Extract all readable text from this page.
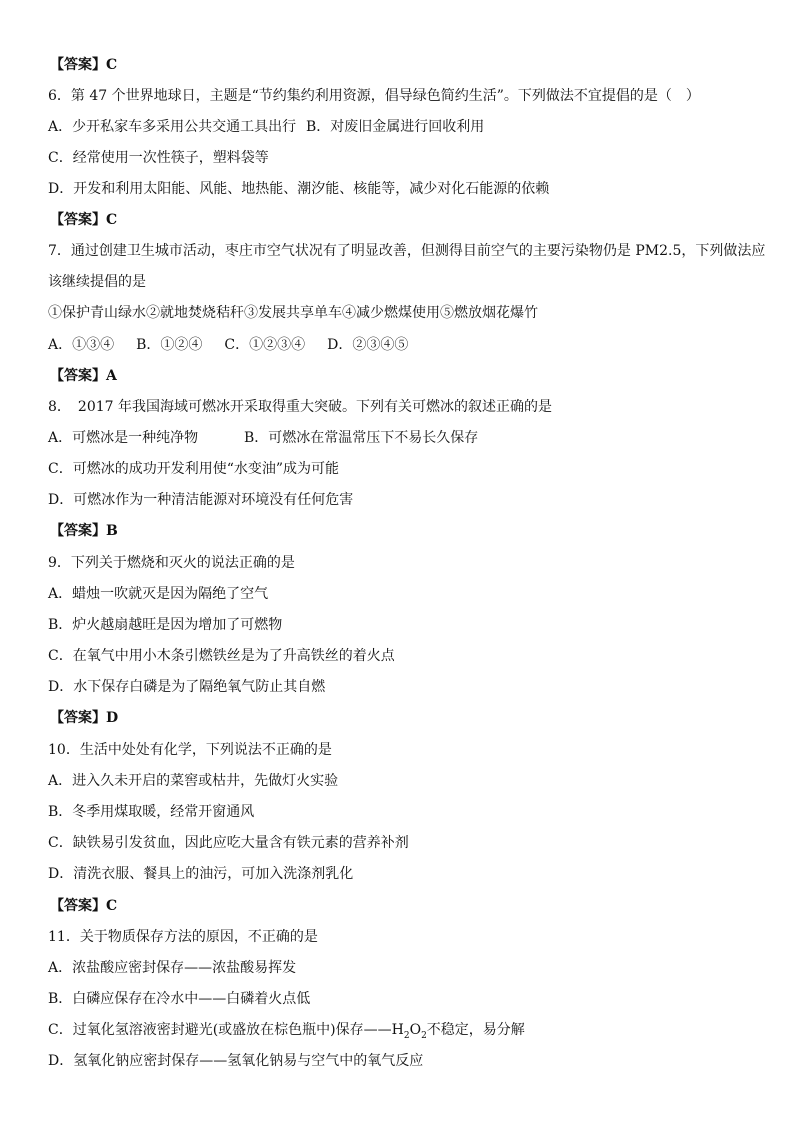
【答案】C
6．第 47 个世界地球日，主题是“节约集约利用资源，倡导绿色简约生活”。下列做法不宜提倡的是（　）
A．少开私家车多采用公共交通工具出行 B．对废旧金属进行回收利用
C．经常使用一次性筷子，塑料袋等
D．开发和利用太阳能、风能、地热能、潮汐能、核能等，减少对化石能源的依赖
【答案】C
7．通过创建卫生城市活动，枣庄市空气状况有了明显改善，但测得目前空气的主要污染物仍是 PM2.5，下列做法应
该继续提倡的是
①保护青山绿水②就地焚烧秸秆③发展共享单车④减少燃煤使用⑤燃放烟花爆竹
A．①③④ B．①②④ C．①②③④ D．②③④⑤
【答案】A
8．　2017 年我国海域可燃冰开采取得重大突破。下列有关可燃冰的叙述正确的是
A．可燃冰是一种纯净物	B．可燃冰在常温常压下不易长久保存
C．可燃冰的成功开发利用使“水变油”成为可能
D．可燃冰作为一种清洁能源对环境没有任何危害
【答案】B
9．下列关于燃烧和灭火的说法正确的是
A．蜡烛一吹就灭是因为隔绝了空气
B．炉火越扇越旺是因为增加了可燃物
C．在氧气中用小木条引燃铁丝是为了升高铁丝的着火点
D．水下保存白磷是为了隔绝氧气防止其自燃
【答案】D
10．生活中处处有化学，下列说法不正确的是
A．进入久未开启的菜窖或枯井，先做灯火实验
B．冬季用煤取暖，经常开窗通风
C．缺铁易引发贫血，因此应吃大量含有铁元素的营养补剂
D．清洗衣服、餐具上的油污，可加入洗涤剂乳化
【答案】C
11．关于物质保存方法的原因，不正确的是
A．浓盐酸应密封保存——浓盐酸易挥发
B．白磷应保存在冷水中——白磷着火点低
C．过氧化氢溶液密封避光(或盛放在棕色瓶中)保存$——H_2O_2$不稳定，易分解
D．氢氧化钠应密封保存——氢氧化钠易与空气中的氧气反应
